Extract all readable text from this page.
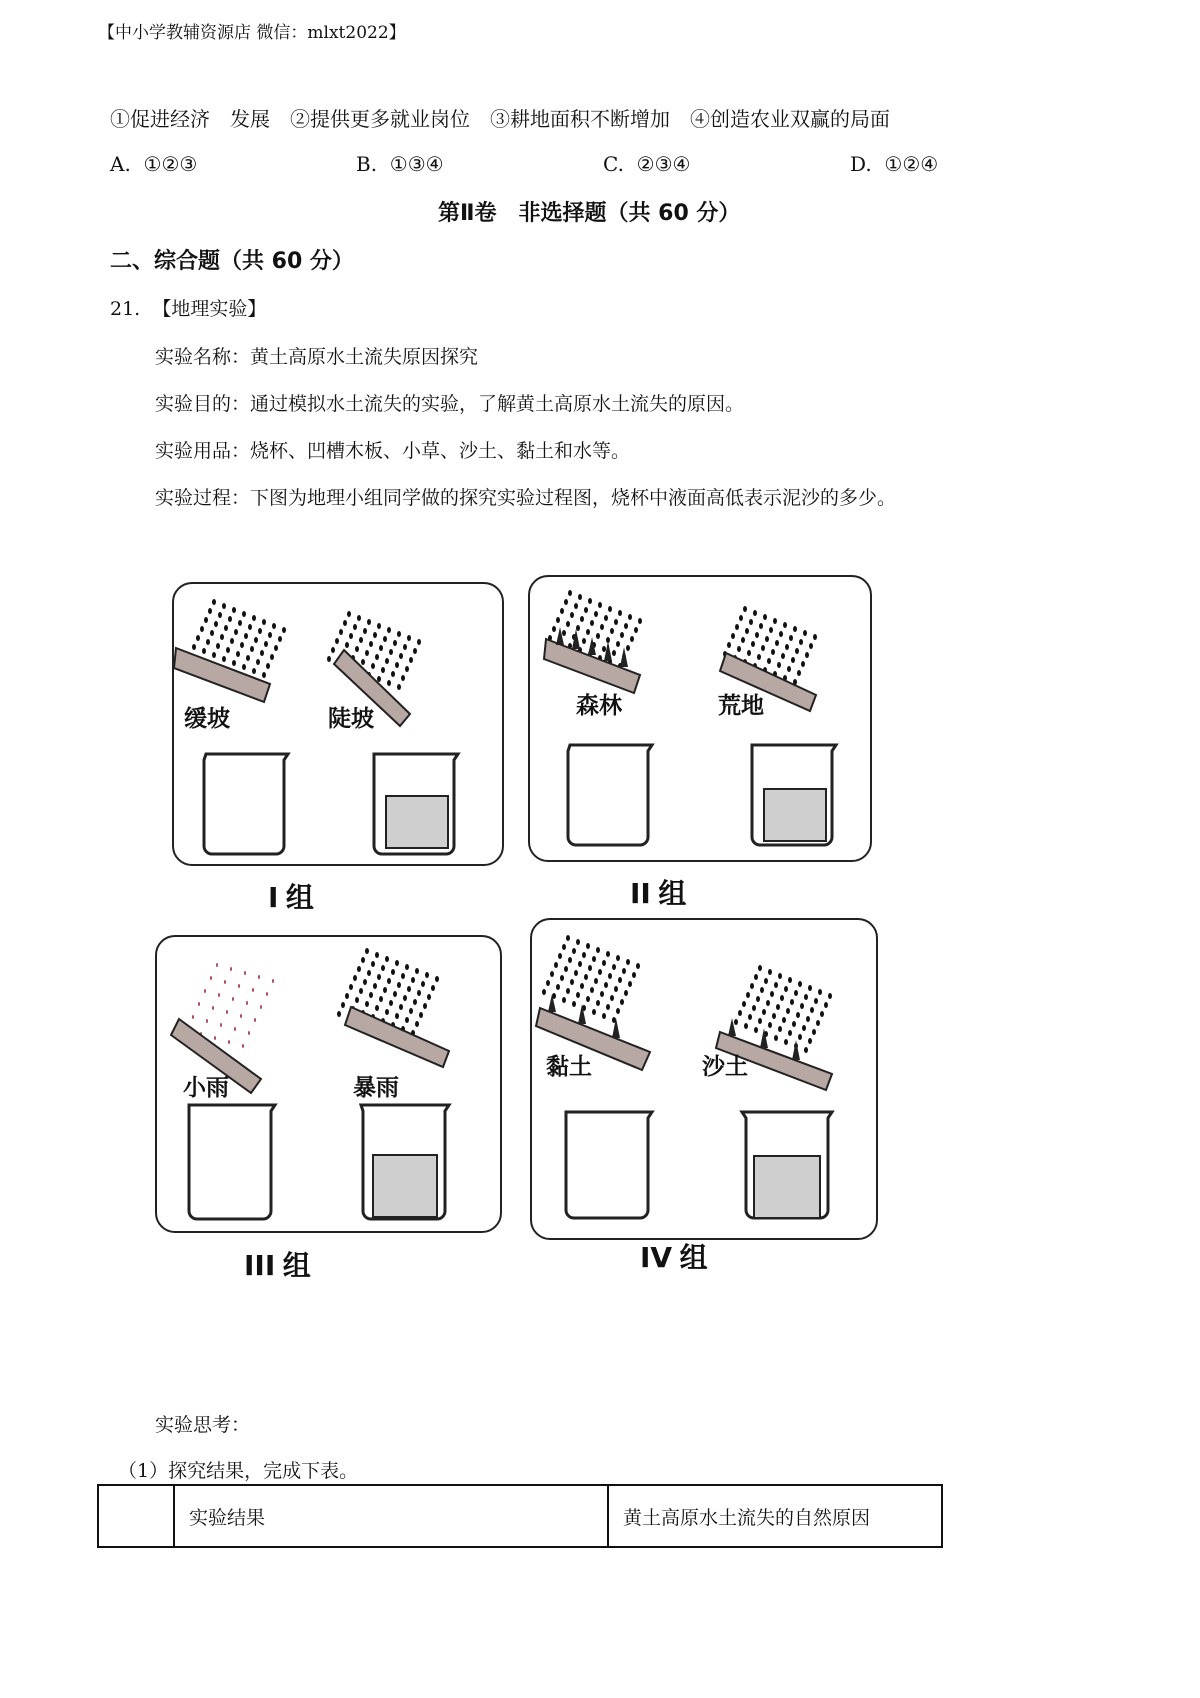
【中小学教辅资源店 微信：mlxt2022】
①促进经济　发展　②提供更多就业岗位　③耕地面积不断增加　④创造农业双赢的局面
A. ①②③	B. ①③④	C. ②③④	D. ①②④
第Ⅱ卷　非选择题（共 60 分）
二、综合题（共 60 分）
21. 【地理实验】
实验名称：黄土高原水土流失原因探究
实验目的：通过模拟水土流失的实验，了解黄土高原水土流失的原因。
实验用品：烧杯、凹槽木板、小草、沙土、黏土和水等。
实验过程：下图为地理小组同学做的探究实验过程图，烧杯中液面高低表示泥沙的多少。
缓坡	陡坡
I 组
森林	荒地
II 组
小雨	暴雨
III 组
黏土	沙土
IV 组
实验思考：
（1）探究结果，完成下表。
	实验结果	黄土高原水土流失的自然原因
